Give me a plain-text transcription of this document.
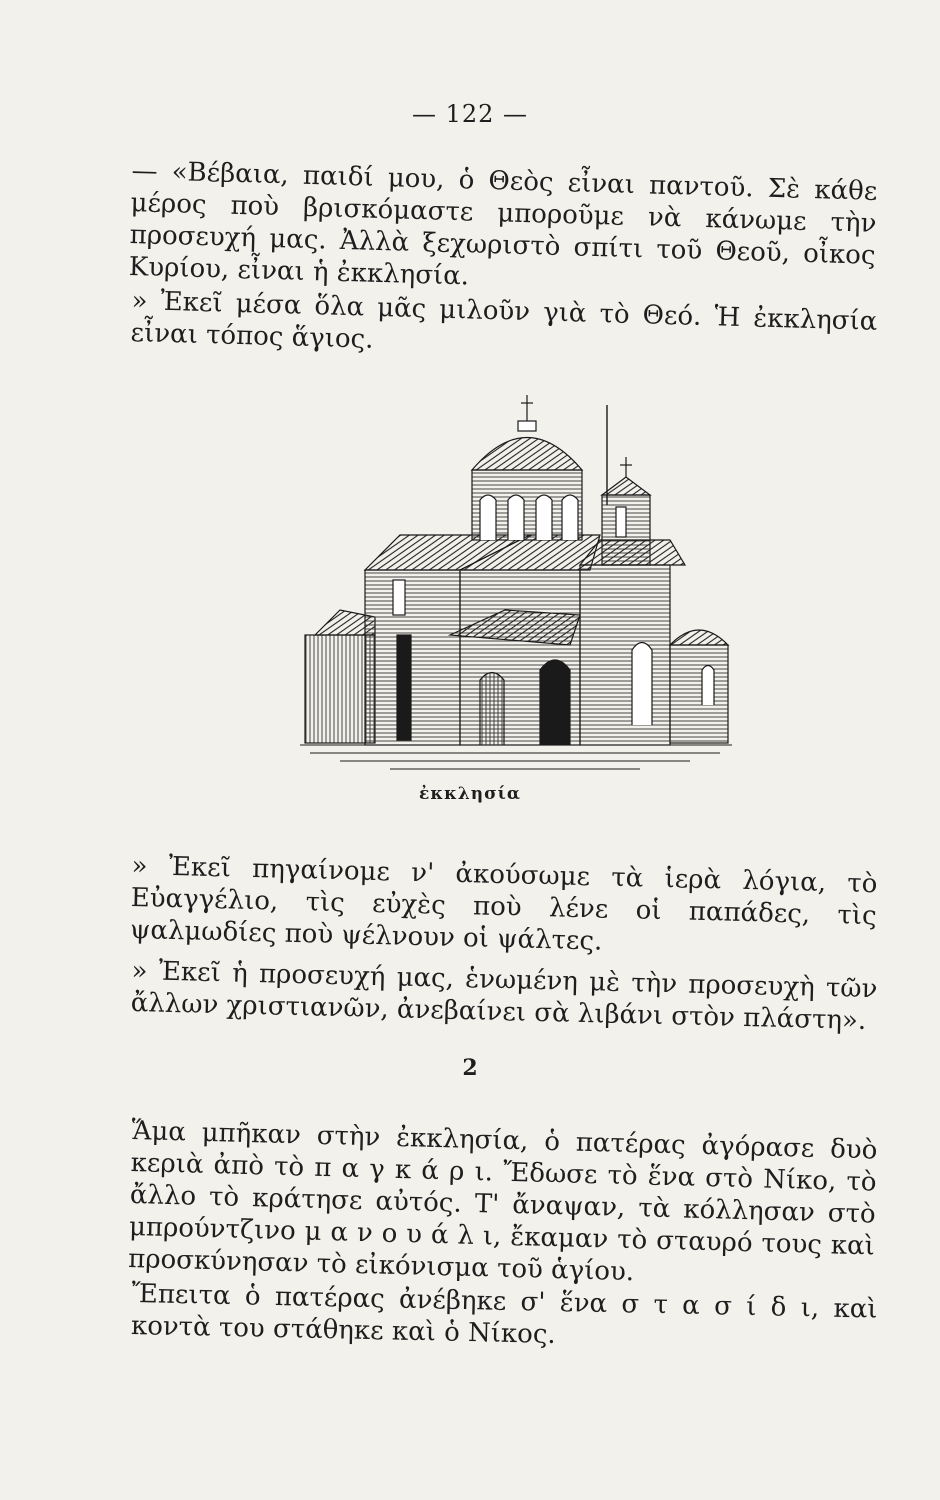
— 122 —

— «Βέβαια, παιδί μου, ὁ Θεὸς εἶναι παντοῦ. Σὲ κάθε μέρος ποὺ βρισκόμαστε μποροῦμε νὰ κάνωμε τὴν προσευχή μας. Ἀλλὰ ξεχωριστὸ σπίτι τοῦ Θεοῦ, οἶκος Κυρίου, εἶναι ἡ ἐκκλησία.

» Ἐκεῖ μέσα ὅλα μᾶς μιλοῦν γιὰ τὸ Θεό. Ἡ ἐκκλησία εἶναι τόπος ἅγιος.

ἐκκλησία

» Ἐκεῖ πηγαίνομε ν' ἀκούσωμε τὰ ἱερὰ λόγια, τὸ Εὐαγγέλιο, τὶς εὐχὲς ποὺ λένε οἱ παπάδες, τὶς ψαλμωδίες ποὺ ψέλνουν οἱ ψάλτες.

» Ἐκεῖ ἡ προσευχή μας, ἑνωμένη μὲ τὴν προσευχὴ τῶν ἄλλων χριστιανῶν, ἀνεβαίνει σὰ λιβάνι στὸν πλάστη».

2

Ἅμα μπῆκαν στὴν ἐκκλησία, ὁ πατέρας ἀγόρασε δυὸ κεριὰ ἀπὸ τὸ π α γ κ ά ρ ι. Ἔδωσε τὸ ἕνα στὸ Νίκο, τὸ ἄλλο τὸ κράτησε αὐτός. Τ' ἄναψαν, τὰ κόλλησαν στὸ μπρούντζινο μ α ν ο υ ά λ ι, ἔκαμαν τὸ σταυρό τους καὶ προσκύνησαν τὸ εἰκόνισμα τοῦ ἁγίου.

Ἔπειτα ὁ πατέρας ἀνέβηκε σ' ἕνα σ τ α σ ί δ ι, καὶ κοντὰ του στάθηκε καὶ ὁ Νίκος.
